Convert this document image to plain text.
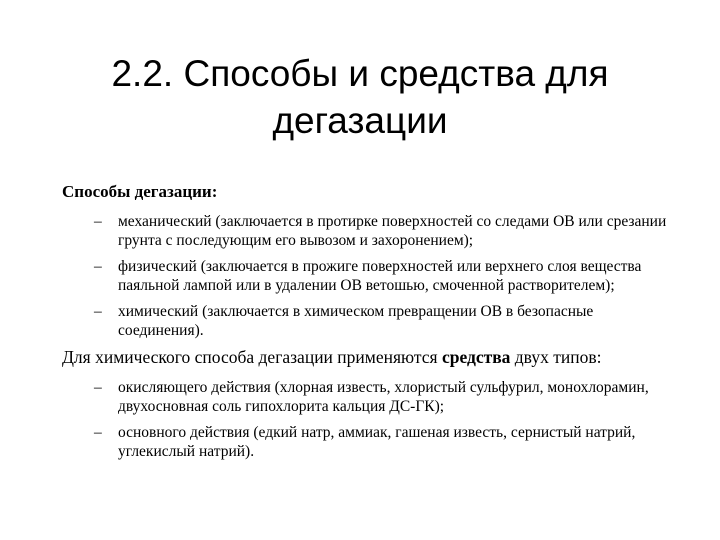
2.2. Способы и средства для дегазации
Способы дегазации:
– механический (заключается в протирке поверхностей со следами ОВ или срезании грунта с последующим его вывозом и захоронением);
– физический (заключается в прожиге поверхностей или верхнего слоя вещества паяльной лампой или в удалении ОВ ветошью, смоченной растворителем);
– химический (заключается в химическом превращении ОВ в безопасные соединения).
Для химического способа дегазации применяются средства двух типов:
– окисляющего действия (хлорная известь, хлористый сульфурил, монохлорамин, двухосновная соль гипохлорита кальция ДС-ГК);
– основного действия (едкий натр, аммиак, гашеная известь, сернистый натрий, углекислый натрий).
